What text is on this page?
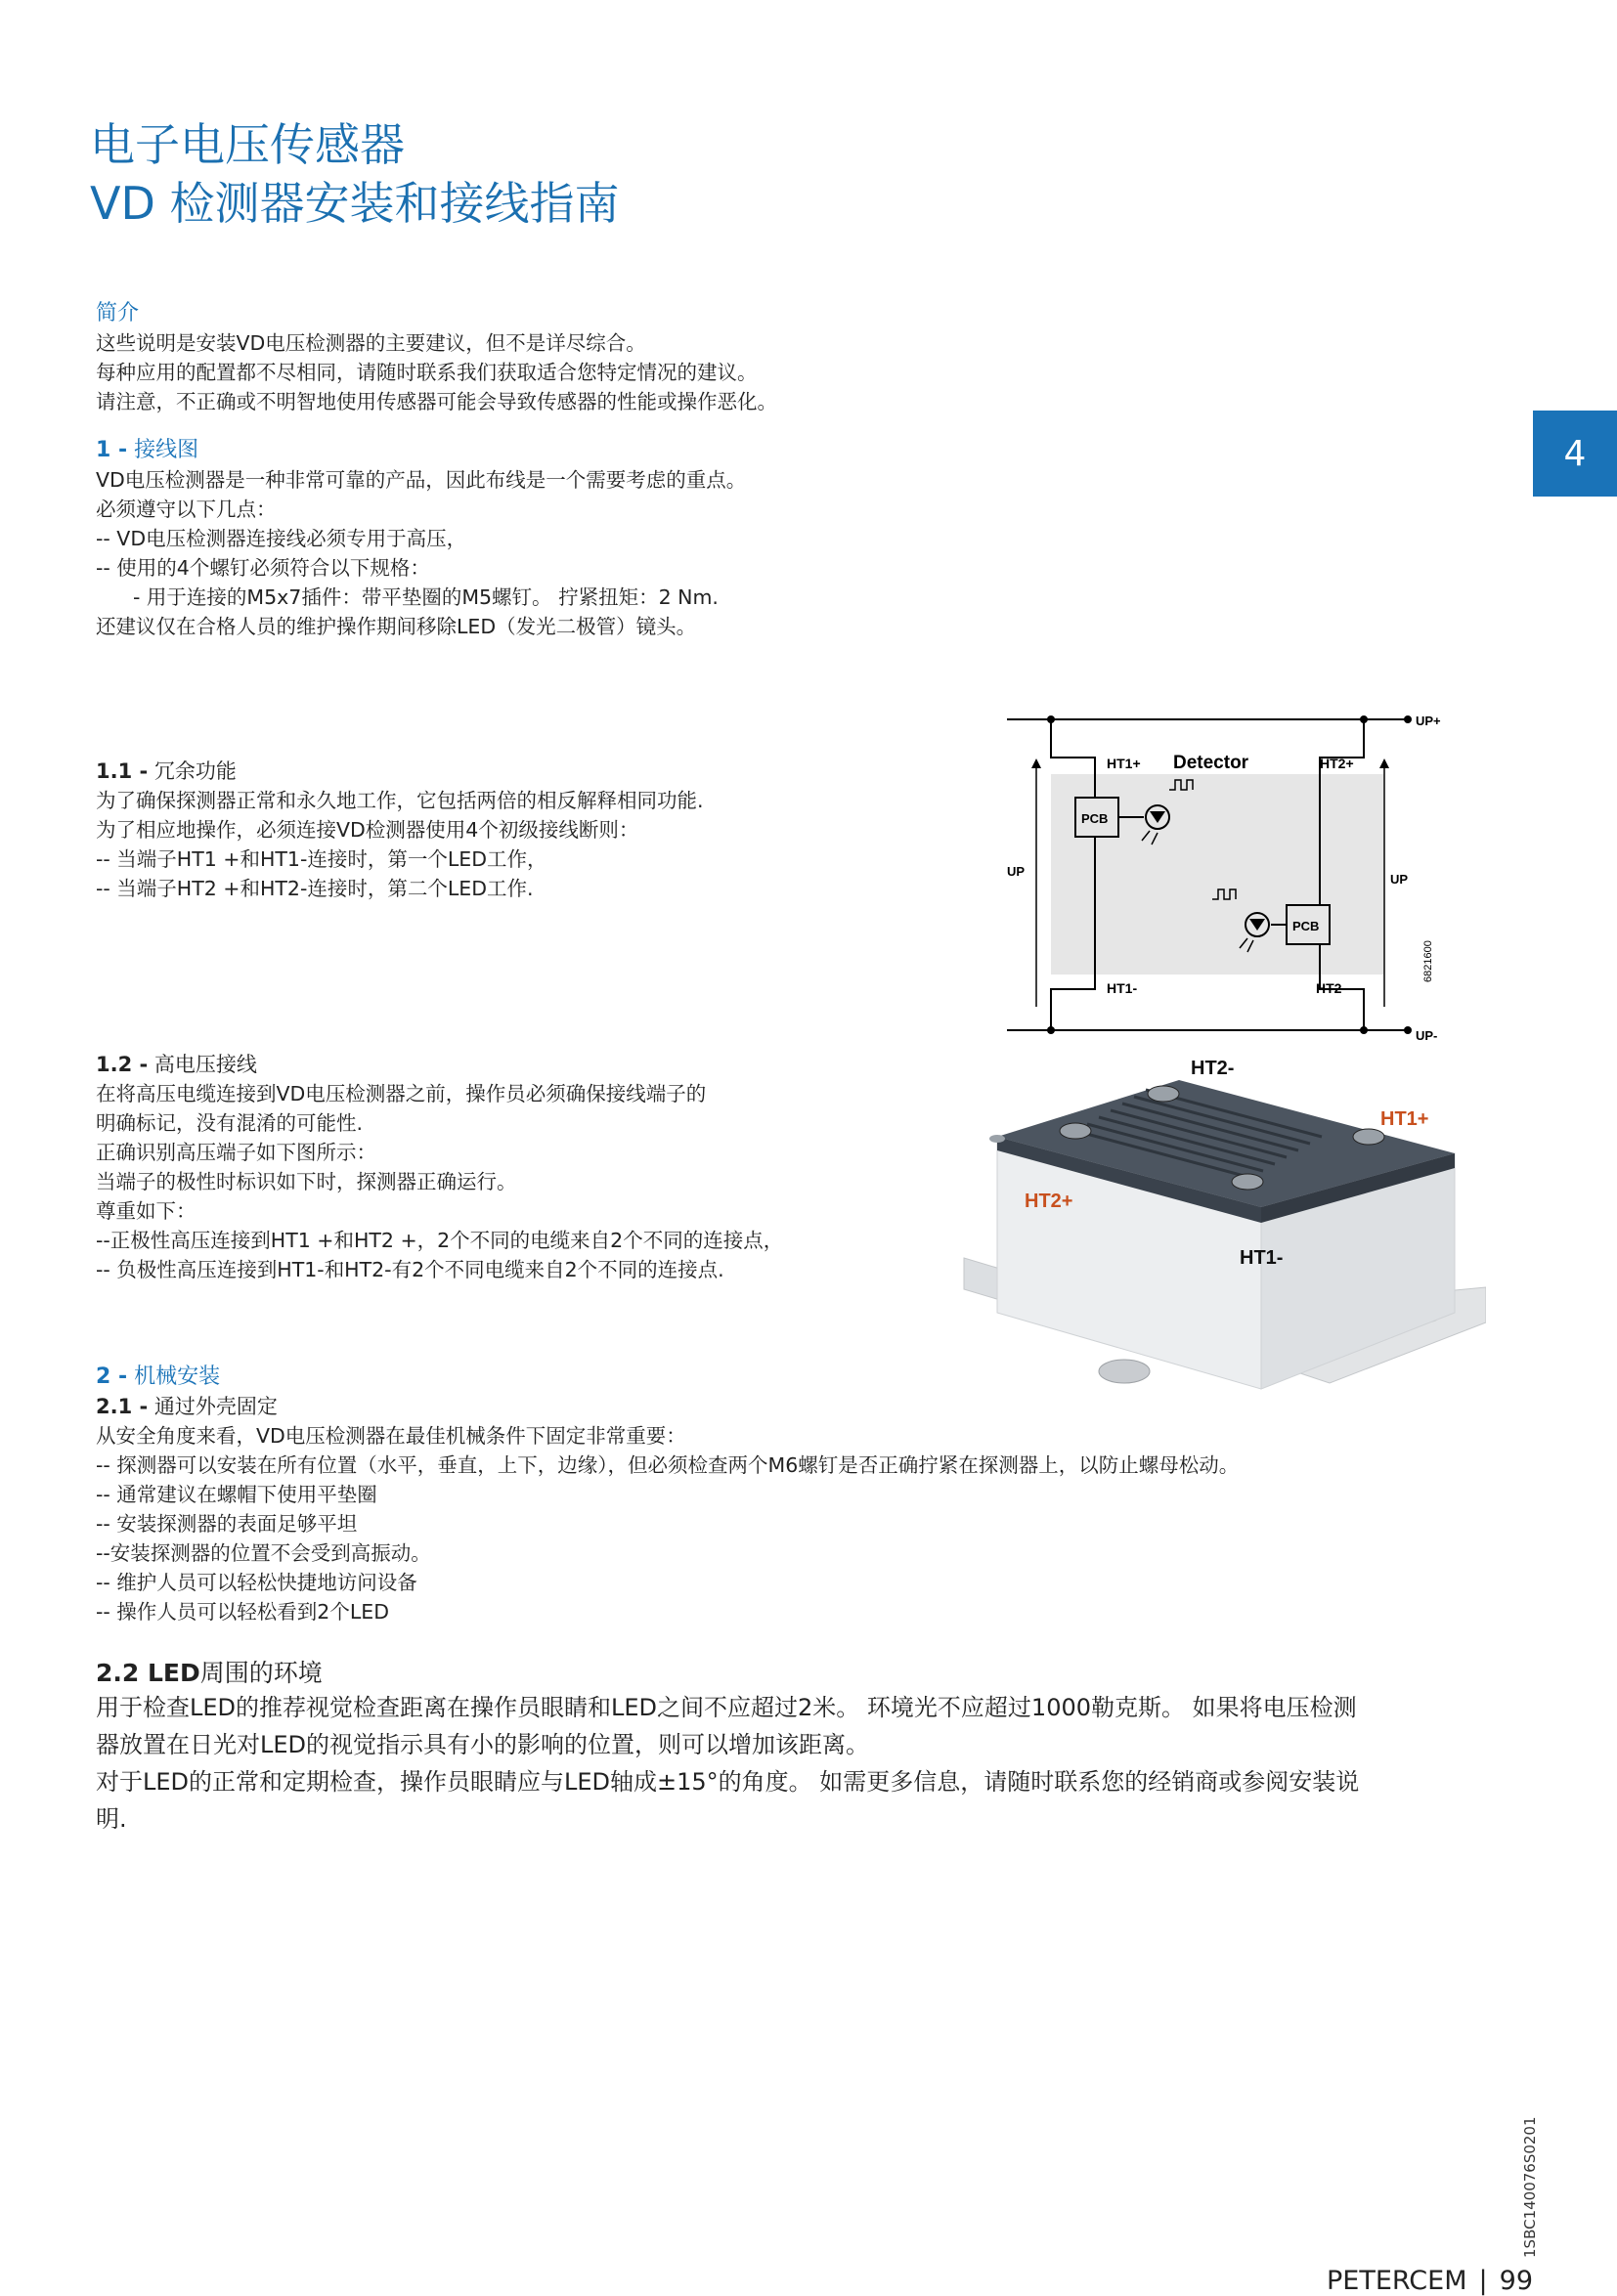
电子电压传感器
VD 检测器安装和接线指南
4
简介
这些说明是安装VD电压检测器的主要建议，但不是详尽综合。
每种应用的配置都不尽相同，请随时联系我们获取适合您特定情况的建议。
请注意，不正确或不明智地使用传感器可能会导致传感器的性能或操作恶化。
1 - 接线图
VD电压检测器是一种非常可靠的产品，因此布线是一个需要考虑的重点。
必须遵守以下几点：
-- VD电压检测器连接线必须专用于高压，
-- 使用的4个螺钉必须符合以下规格：
- 用于连接的M5x7插件：带平垫圈的M5螺钉。 拧紧扭矩：2 Nm.
还建议仅在合格人员的维护操作期间移除LED（发光二极管）镜头。
1.1 - 冗余功能
为了确保探测器正常和永久地工作，它包括两倍的相反解释相同功能.
为了相应地操作，必须连接VD检测器使用4个初级接线断则：
-- 当端子HT1 +和HT1-连接时，第一个LED工作，
-- 当端子HT2 +和HT2-连接时，第二个LED工作.
1.2 - 高电压接线
在将高压电缆连接到VD电压检测器之前，操作员必须确保接线端子的
明确标记，没有混淆的可能性.
正确识别高压端子如下图所示：
当端子的极性时标识如下时，探测器正确运行。
尊重如下：
--正极性高压连接到HT1 +和HT2 +，2个不同的电缆来自2个不同的连接点，
-- 负极性高压连接到HT1-和HT2-有2个不同电缆来自2个不同的连接点.
2 - 机械安装
2.1 - 通过外壳固定
从安全角度来看，VD电压检测器在最佳机械条件下固定非常重要：
-- 探测器可以安装在所有位置（水平，垂直，上下，边缘），但必须检查两个M6螺钉是否正确拧紧在探测器上，以防止螺母松动。
-- 通常建议在螺帽下使用平垫圈
-- 安装探测器的表面足够平坦
--安装探测器的位置不会受到高振动。
-- 维护人员可以轻松快捷地访问设备
-- 操作人员可以轻松看到2个LED
2.2 LED周围的环境
用于检查LED的推荐视觉检查距离在操作员眼睛和LED之间不应超过2米。 环境光不应超过1000勒克斯。 如果将电压检测
器放置在日光对LED的视觉指示具有小的影响的位置，则可以增加该距离。
对于LED的正常和定期检查，操作员眼睛应与LED轴成±15°的角度。 如需更多信息，请随时联系您的经销商或参阅安装说
明.
UP+
UP-
UP
UP
HT1+ Detector	HT2+
PCB
PCB
HT1-	HT2-
6821600
HT2-
HT1+
HT2+
HT1-
1SBC140076S0201
PETERCEM | 99
